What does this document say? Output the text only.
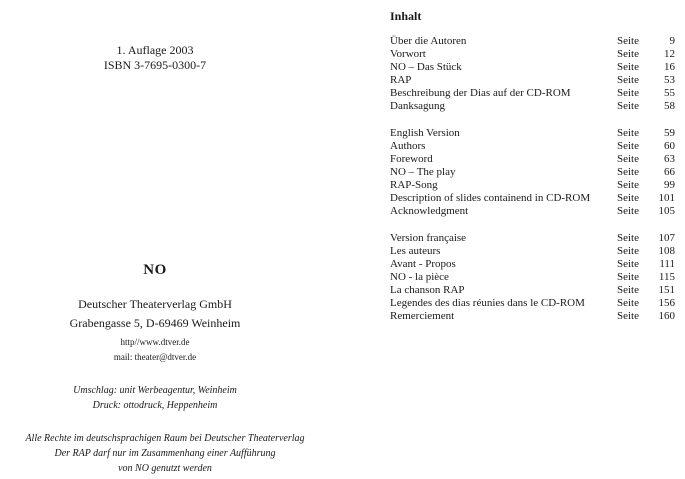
1. Auflage 2003
ISBN 3-7695-0300-7
NO
Deutscher Theaterverlag GmbH
Grabengasse 5, D-69469 Weinheim
http//www.dtver.de
mail: theater@dtver.de
Umschlag: unit Werbeagentur, Weinheim
Druck: ottodruck, Heppenheim
Alle Rechte im deutschsprachigen Raum bei Deutscher Theaterverlag
Der RAP darf nur im Zusammenhang einer Aufführung
von NO genutzt werden
Inhalt
Über die Autoren	Seite	9
Vorwort	Seite	12
NO – Das Stück	Seite	16
RAP	Seite	53
Beschreibung der Dias auf der CD-ROM	Seite	55
Danksagung	Seite	58
English Version	Seite	59
Authors	Seite	60
Foreword	Seite	63
NO – The play	Seite	66
RAP-Song	Seite	99
Description of slides containend in CD-ROM	Seite	101
Acknowledgment	Seite	105
Version française	Seite	107
Les auteurs	Seite	108
Avant - Propos	Seite	111
NO - la pièce	Seite	115
La chanson RAP	Seite	151
Legendes des dias réunies dans le CD-ROM	Seite	156
Remerciement	Seite	160
